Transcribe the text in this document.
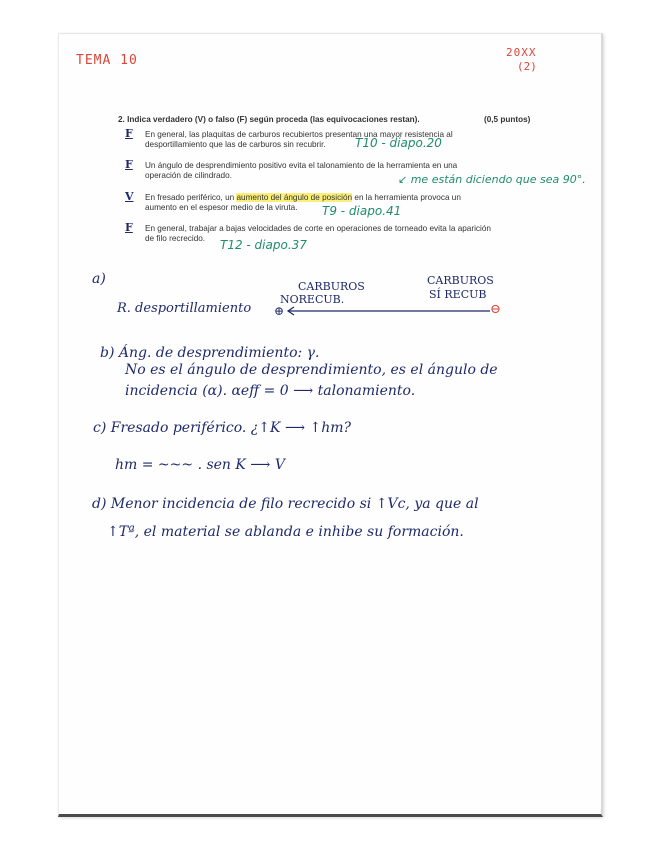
TEMA 10
20XX
(2)
2. Indica verdadero (V) o falso (F) según proceda (las equivocaciones restan).	(0,5 puntos)
F En general, las plaquitas de carburos recubiertos presentan una mayor resistencia al
desportillamiento que las de carburos sin recubrir. T10 - diapo.20
F Un ángulo de desprendimiento positivo evita el talonamiento de la herramienta en una
operación de cilindrado.	↙ me están diciendo que sea 90°.
V En fresado periférico, un aumento del ángulo de posición en la herramienta provoca un
aumento en el espesor medio de la viruta. T9 - diapo.41
F En general, trabajar a bajas velocidades de corte en operaciones de torneado evita la aparición
de filo recrecido. T12 - diapo.37
a)
R. desportillamiento
CARBUROS
NORECUB.
CARBUROS
SÍ RECUB
⊕	⊖
b) Áng. de desprendimiento: γ.
No es el ángulo de desprendimiento, es el ángulo de
incidencia (α). αeff = 0 ⟶ talonamiento.
c) Fresado periférico. ¿↑K ⟶ ↑hm?
hm = ~~~ . sen K ⟶ V
d) Menor incidencia de filo recrecido si ↑Vc, ya que al
↑Tª, el material se ablanda e inhibe su formación.
